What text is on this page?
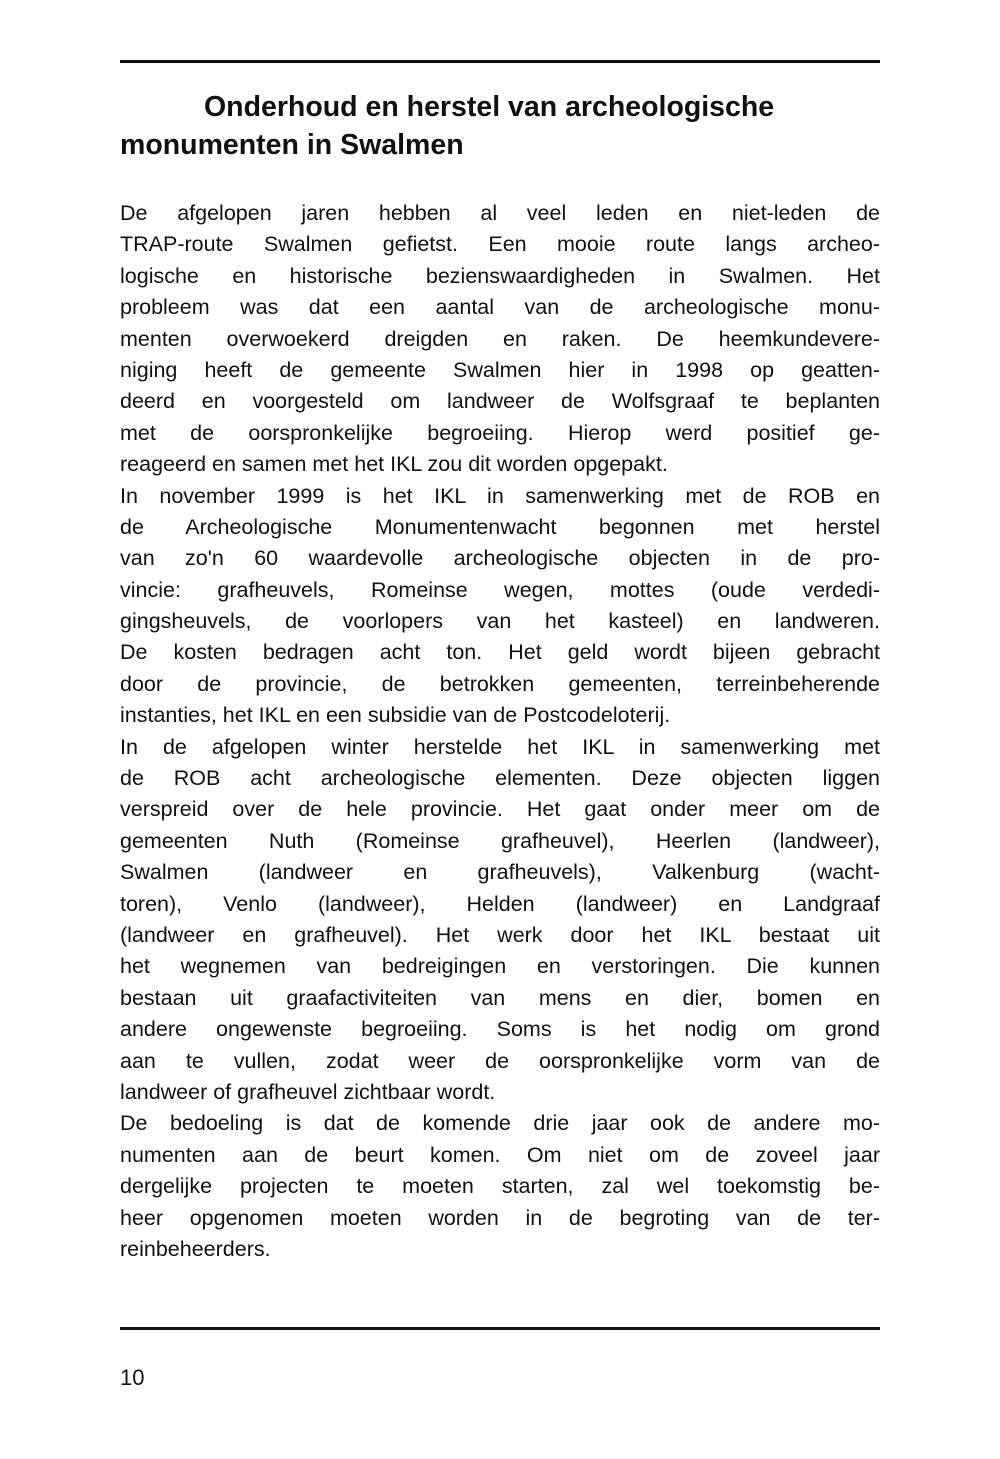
Onderhoud en herstel van archeologische
monumenten in Swalmen
De afgelopen jaren hebben al veel leden en niet-leden de
TRAP-route Swalmen gefietst. Een mooie route langs archeo-
logische en historische bezienswaardigheden in Swalmen. Het
probleem was dat een aantal van de archeologische monu-
menten overwoekerd dreigden en raken. De heemkundevere-
niging heeft de gemeente Swalmen hier in 1998 op geatten-
deerd en voorgesteld om landweer de Wolfsgraaf te beplanten
met de oorspronkelijke begroeiing. Hierop werd positief ge-
reageerd en samen met het IKL zou dit worden opgepakt.
In november 1999 is het IKL in samenwerking met de ROB en
de Archeologische Monumentenwacht begonnen met herstel
van zo'n 60 waardevolle archeologische objecten in de pro-
vincie: grafheuvels, Romeinse wegen, mottes (oude verdedi-
gingsheuvels, de voorlopers van het kasteel) en landweren.
De kosten bedragen acht ton. Het geld wordt bijeen gebracht
door de provincie, de betrokken gemeenten, terreinbeherende
instanties, het IKL en een subsidie van de Postcodeloterij.
In de afgelopen winter herstelde het IKL in samenwerking met
de ROB acht archeologische elementen. Deze objecten liggen
verspreid over de hele provincie. Het gaat onder meer om de
gemeenten Nuth (Romeinse grafheuvel), Heerlen (landweer),
Swalmen (landweer en grafheuvels), Valkenburg (wacht-
toren), Venlo (landweer), Helden (landweer) en Landgraaf
(landweer en grafheuvel). Het werk door het IKL bestaat uit
het wegnemen van bedreigingen en verstoringen. Die kunnen
bestaan uit graafactiviteiten van mens en dier, bomen en
andere ongewenste begroeiing. Soms is het nodig om grond
aan te vullen, zodat weer de oorspronkelijke vorm van de
landweer of grafheuvel zichtbaar wordt.
De bedoeling is dat de komende drie jaar ook de andere mo-
numenten aan de beurt komen. Om niet om de zoveel jaar
dergelijke projecten te moeten starten, zal wel toekomstig be-
heer opgenomen moeten worden in de begroting van de ter-
reinbeheerders.
10
